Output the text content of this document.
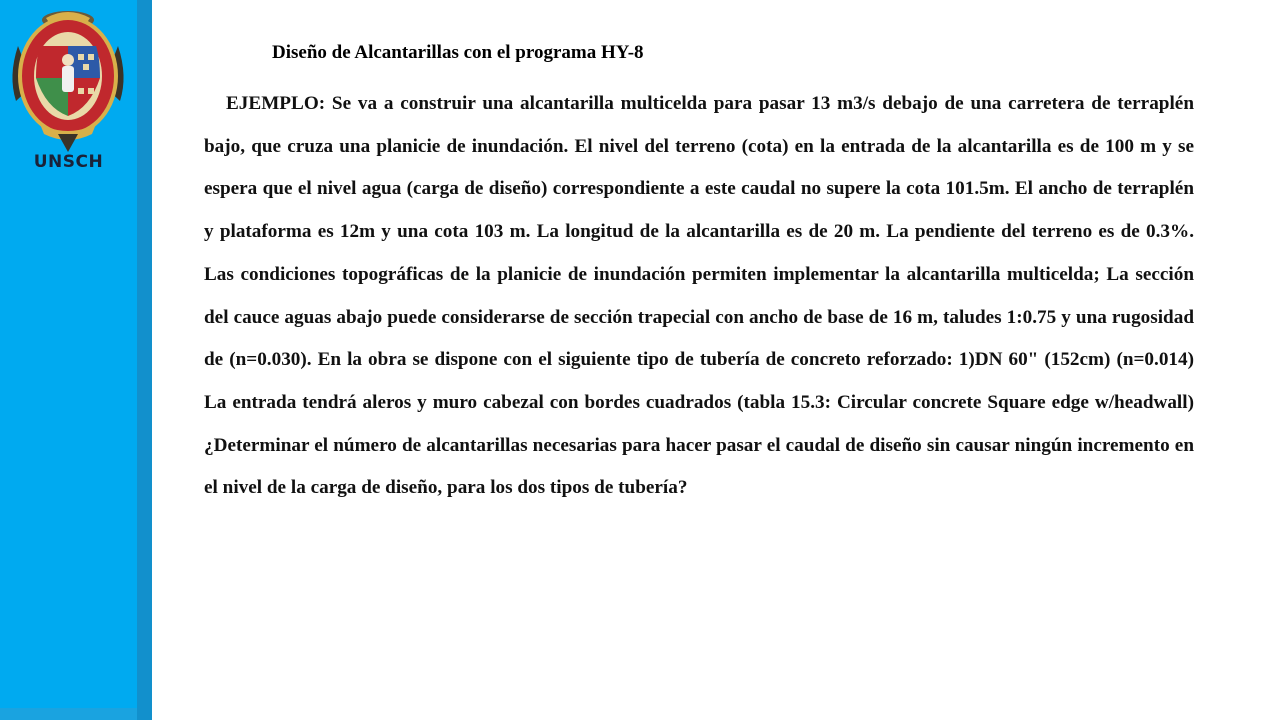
UNSCH
Diseño de Alcantarillas con el programa HY-8

EJEMPLO: Se va a construir una alcantarilla multicelda para pasar 13 m3/s debajo de una carretera de terraplén bajo, que cruza una planicie de inundación. El nivel del terreno (cota) en la entrada de la alcantarilla es de 100 m y se espera que el nivel agua (carga de diseño) correspondiente a este caudal no supere la cota 101.5m. El ancho de terraplén y plataforma es 12m y una cota 103 m. La longitud de la alcantarilla es de 20 m. La pendiente del terreno es de 0.3%. Las condiciones topográficas de la planicie de inundación permiten implementar la alcantarilla multicelda; La sección del cauce aguas abajo puede considerarse de sección trapecial con ancho de base de 16 m, taludes 1:0.75 y una rugosidad de (n=0.030). En la obra se dispone con el siguiente tipo de tubería de concreto reforzado: 1)DN 60" (152cm) (n=0.014) La entrada tendrá aleros y muro cabezal con bordes cuadrados (tabla 15.3: Circular concrete Square edge w/headwall) ¿Determinar el número de alcantarillas necesarias para hacer pasar el caudal de diseño sin causar ningún incremento en el nivel de la carga de diseño, para los dos tipos de tubería?
